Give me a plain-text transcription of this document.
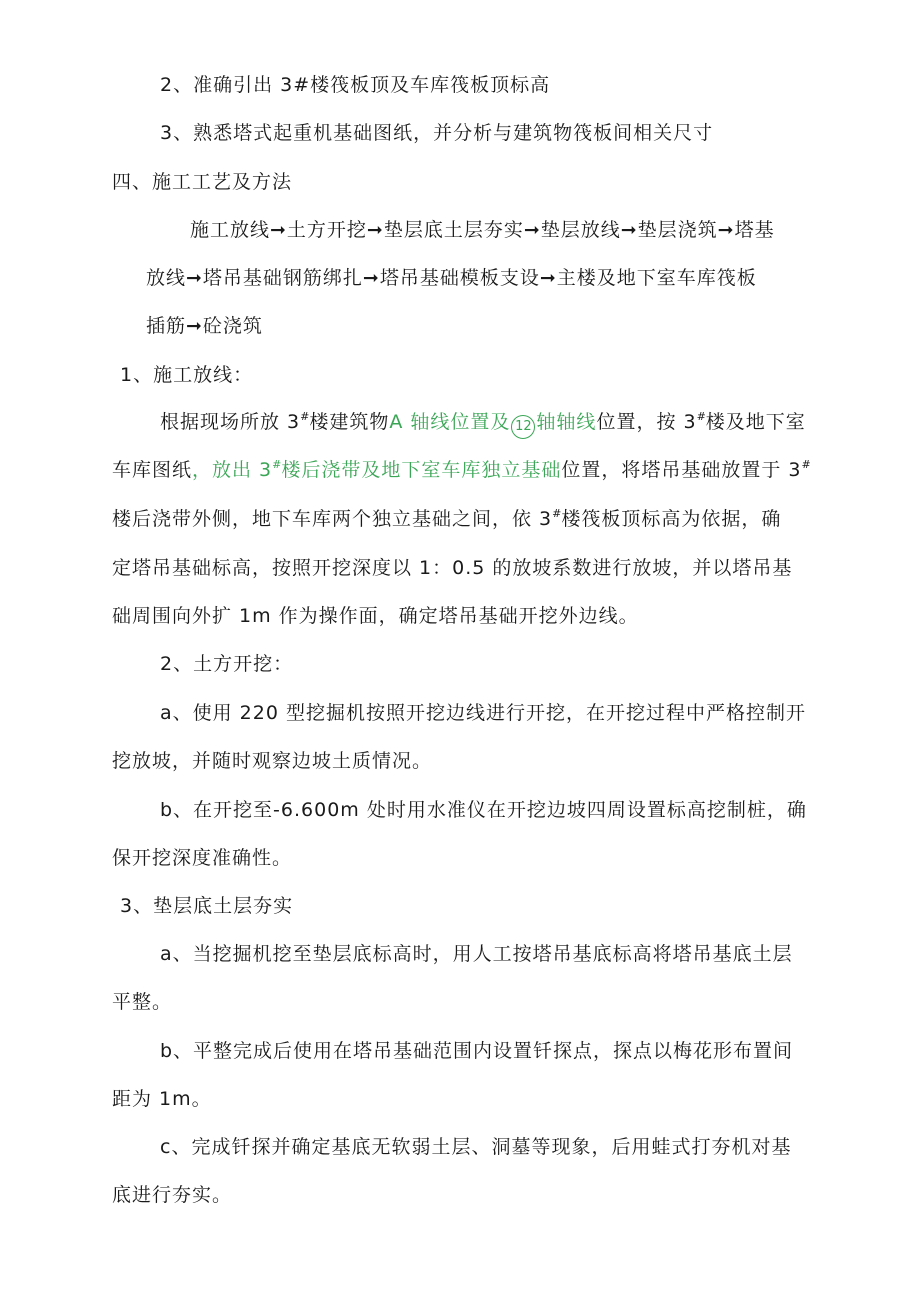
2、准确引出 3#楼筏板顶及车库筏板顶标高
3、熟悉塔式起重机基础图纸，并分析与建筑物筏板间相关尺寸
四、施工工艺及方法
施工放线➞土方开挖➞垫层底土层夯实➞垫层放线➞垫层浇筑➞塔基
放线➞塔吊基础钢筋绑扎➞塔吊基础模板支设➞主楼及地下室车库筏板
插筋➞砼浇筑
1、施工放线：
根据现场所放 3#楼建筑物A 轴线位置及 12 轴轴线位置，按 3#楼及地下室
车库图纸，放出 3#楼后浇带及地下室车库独立基础位置，将塔吊基础放置于 3#
楼后浇带外侧，地下车库两个独立基础之间，依 3#楼筏板顶标高为依据，确
定塔吊基础标高，按照开挖深度以 1：0.5 的放坡系数进行放坡，并以塔吊基
础周围向外扩 1m 作为操作面，确定塔吊基础开挖外边线。
2、土方开挖：
a、使用 220 型挖掘机按照开挖边线进行开挖，在开挖过程中严格控制开
挖放坡，并随时观察边坡土质情况。
b、在开挖至-6.600m 处时用水准仪在开挖边坡四周设置标高挖制桩，确
保开挖深度准确性。
3、垫层底土层夯实
a、当挖掘机挖至垫层底标高时，用人工按塔吊基底标高将塔吊基底土层
平整。
b、平整完成后使用在塔吊基础范围内设置钎探点，探点以梅花形布置间
距为 1m。
c、完成钎探并确定基底无软弱土层、洞墓等现象，后用蛙式打夯机对基
底进行夯实。
